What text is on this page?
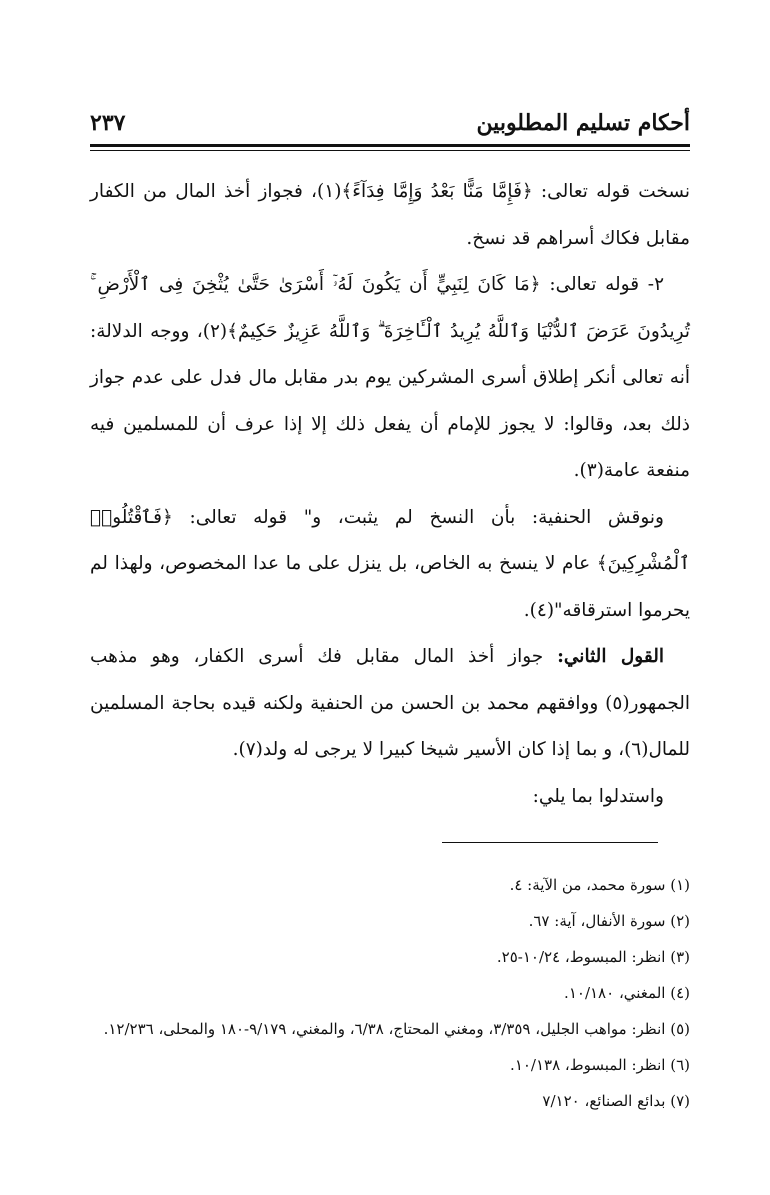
أحكام تسليم المطلوبين
٢٣٧

نسخت قوله تعالى: ﴿فَإِمَّا مَنًّا بَعْدُ وَإِمَّا فِدَآءً﴾(١)، فجواز أخذ المال من الكفار مقابل فكاك أسراهم قد نسخ.

٢- قوله تعالى: ﴿مَا كَانَ لِنَبِيٍّ أَن يَكُونَ لَهُۥٓ أَسْرَىٰ حَتَّىٰ يُثْخِنَ فِى ٱلْأَرْضِ ۚ تُرِيدُونَ عَرَضَ ٱلدُّنْيَا وَٱللَّهُ يُرِيدُ ٱلْـَٔاخِرَةَ ۗ وَٱللَّهُ عَزِيزٌ حَكِيمٌ﴾(٢)، ووجه الدلالة: أنه تعالى أنكر إطلاق أسرى المشركين يوم بدر مقابل مال فدل على عدم جواز ذلك بعد، وقالوا: لا يجوز للإمام أن يفعل ذلك إلا إذا عرف أن للمسلمين فيه منفعة عامة(٣).

ونوقش الحنفية: بأن النسخ لم يثبت، و" قوله تعالى: ﴿فَٱقْتُلُوا۟ ٱلْمُشْرِكِينَ﴾ عام لا ينسخ به الخاص، بل ينزل على ما عدا المخصوص، ولهذا لم يحرموا استرقاقه"(٤).

القول الثاني: جواز أخذ المال مقابل فك أسرى الكفار، وهو مذهب الجمهور(٥) ووافقهم محمد بن الحسن من الحنفية ولكنه قيده بحاجة المسلمين للمال(٦)، و بما إذا كان الأسير شيخا كبيرا لا يرجى له ولد(٧).

واستدلوا بما يلي:

(١) سورة محمد، من الآية: ٤.

(٢) سورة الأنفال، آية: ٦٧.

(٣) انظر: المبسوط، ١٠/٢٤-٢٥.

(٤) المغني، ١٠/١٨٠.

(٥) انظر: مواهب الجليل، ٣/٣٥٩، ومغني المحتاج، ٦/٣٨، والمغني، ٩/١٧٩-١٨٠ والمحلى، ١٢/٢٣٦.

(٦) انظر: المبسوط، ١٠/١٣٨.

(٧) بدائع الصنائع، ٧/١٢٠
